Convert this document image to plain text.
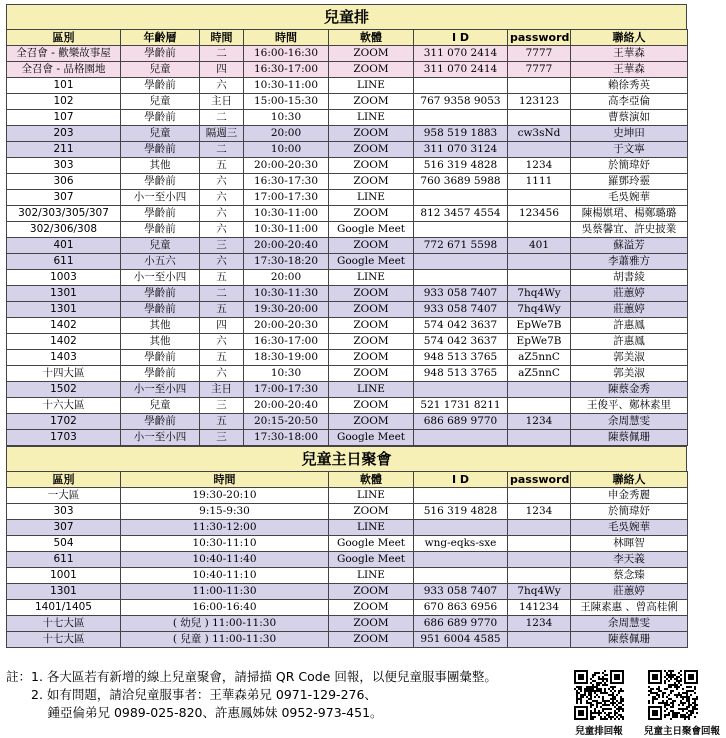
兒童排
區別	年齡層	時間	時間	軟體	I D	password	聯絡人
全召會 - 歡樂故事屋	學齡前	二	16:00-16:30	ZOOM	311 070 2414	7777	王華森
全召會 - 品格園地	兒童	四	16:30-17:00	ZOOM	311 070 2414	7777	王華森
101	學齡前	六	10:30-11:00	LINE			賴徐秀英
102	兒童	主日	15:00-15:30	ZOOM	767 9358 9053	123123	高李亞倫
107	學齡前	二	10:30	LINE			曹蔡演如
203	兒童	隔週三	20:00	ZOOM	958 519 1883	cw3sNd	史坤田
211	學齡前	二	10:00	ZOOM	311 070 3124		于文寧
303	其他	五	20:00-20:30	ZOOM	516 319 4828	1234	於簡瑋妤
306	學齡前	六	16:30-17:30	ZOOM	760 3689 5988	1111	羅鄧玲靈
307	小一至小四	六	17:00-17:30	LINE			毛吳婉華
302/303/305/307	學齡前	六	10:30-11:00	ZOOM	812 3457 4554	123456	陳楊娸珺、楊鄭璐璐
302/306/308	學齡前	六	10:30-11:00	Google Meet			吳蔡馨宜、許史披業
401	兒童	三	20:00-20:40	ZOOM	772 671 5598	401	蘇溢芳
611	小五六	六	17:30-18:20	Google Meet			李蕭雅方
1003	小一至小四	五	20:00	LINE			胡書綾
1301	學齡前	二	10:30-11:30	ZOOM	933 058 7407	7hq4Wy	莊蕙婷
1301	學齡前	五	19:30-20:00	ZOOM	933 058 7407	7hq4Wy	莊蕙婷
1402	其他	四	20:00-20:30	ZOOM	574 042 3637	EpWe7B	許惠鳳
1402	其他	六	16:30-17:00	ZOOM	574 042 3637	EpWe7B	許惠鳳
1403	學齡前	五	18:30-19:00	ZOOM	948 513 3765	aZ5nnC	郭美淑
十四大區	學齡前	六	10:30	ZOOM	948 513 3765	aZ5nnC	郭美淑
1502	小一至小四	主日	17:00-17:30	LINE			陳蔡金秀
十六大區	兒童	三	20:00-20:40	ZOOM	521 1731 8211		王俊平、鄭林素里
1702	學齡前	五	20:15-20:50	ZOOM	686 689 9770	1234	余周慧雯
1703	小一至小四	三	17:30-18:00	Google Meet			陳蔡佩珊
兒童主日聚會
區別	時間	軟體	I D	password	聯絡人
一大區	19:30-20:10	LINE			申金秀麗
303	9:15-9:30	ZOOM	516 319 4828	1234	於簡瑋妤
307	11:30-12:00	LINE			毛吳婉華
504	10:30-11:10	Google Meet	wng-eqks-sxe		林暉智
611	10:40-11:40	Google Meet			李天義
1001	10:40-11:10	LINE			蔡念臻
1301	11:00-11:30	ZOOM	933 058 7407	7hq4Wy	莊蕙婷
1401/1405	16:00-16:40	ZOOM	670 863 6956	141234	王陳素惠 、曾高桂俐
十七大區	( 幼兒 ) 11:00-11:30	ZOOM	686 689 9770	1234	余周慧雯
十七大區	( 兒童 ) 11:00-11:30	ZOOM	951 6004 4585		陳蔡佩珊
註：1. 各大區若有新增的線上兒童聚會，請掃描 QR Code 回報，以便兒童服事團彙整。
　　2. 如有問題，請洽兒童服事者：王華森弟兄 0971-129-276、
　　　 鍾亞倫弟兄 0989-025-820、許惠鳳姊妹 0952-973-451。
兒童排回報	兒童主日聚會回報
